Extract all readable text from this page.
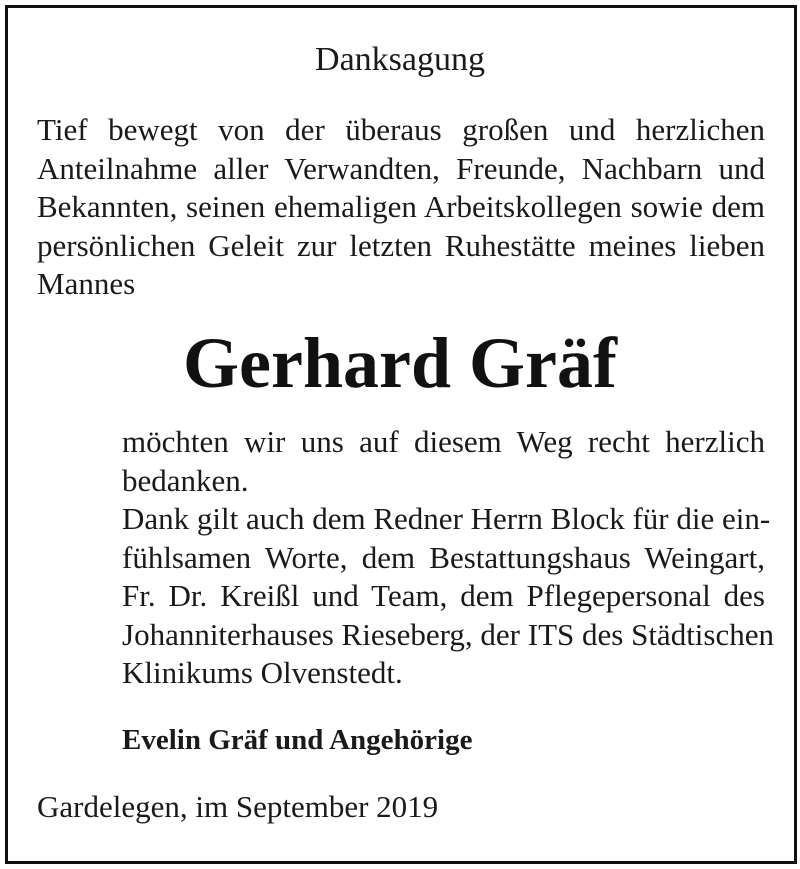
Danksagung
Tief bewegt von der überaus großen und herzlichen
Anteilnahme aller Verwandten, Freunde, Nachbarn und
Bekannten, seinen ehemaligen Arbeitskollegen sowie dem
persönlichen Geleit zur letzten Ruhestätte meines lieben
Mannes
Gerhard Gräf
möchten wir uns auf diesem Weg recht herzlich
bedanken.
Dank gilt auch dem Redner Herrn Block für die ein-
fühlsamen Worte, dem Bestattungshaus Weingart,
Fr. Dr. Kreißl und Team, dem Pflegepersonal des
Johanniterhauses Rieseberg, der ITS des Städtischen
Klinikums Olvenstedt.
Evelin Gräf und Angehörige
Gardelegen, im September 2019
